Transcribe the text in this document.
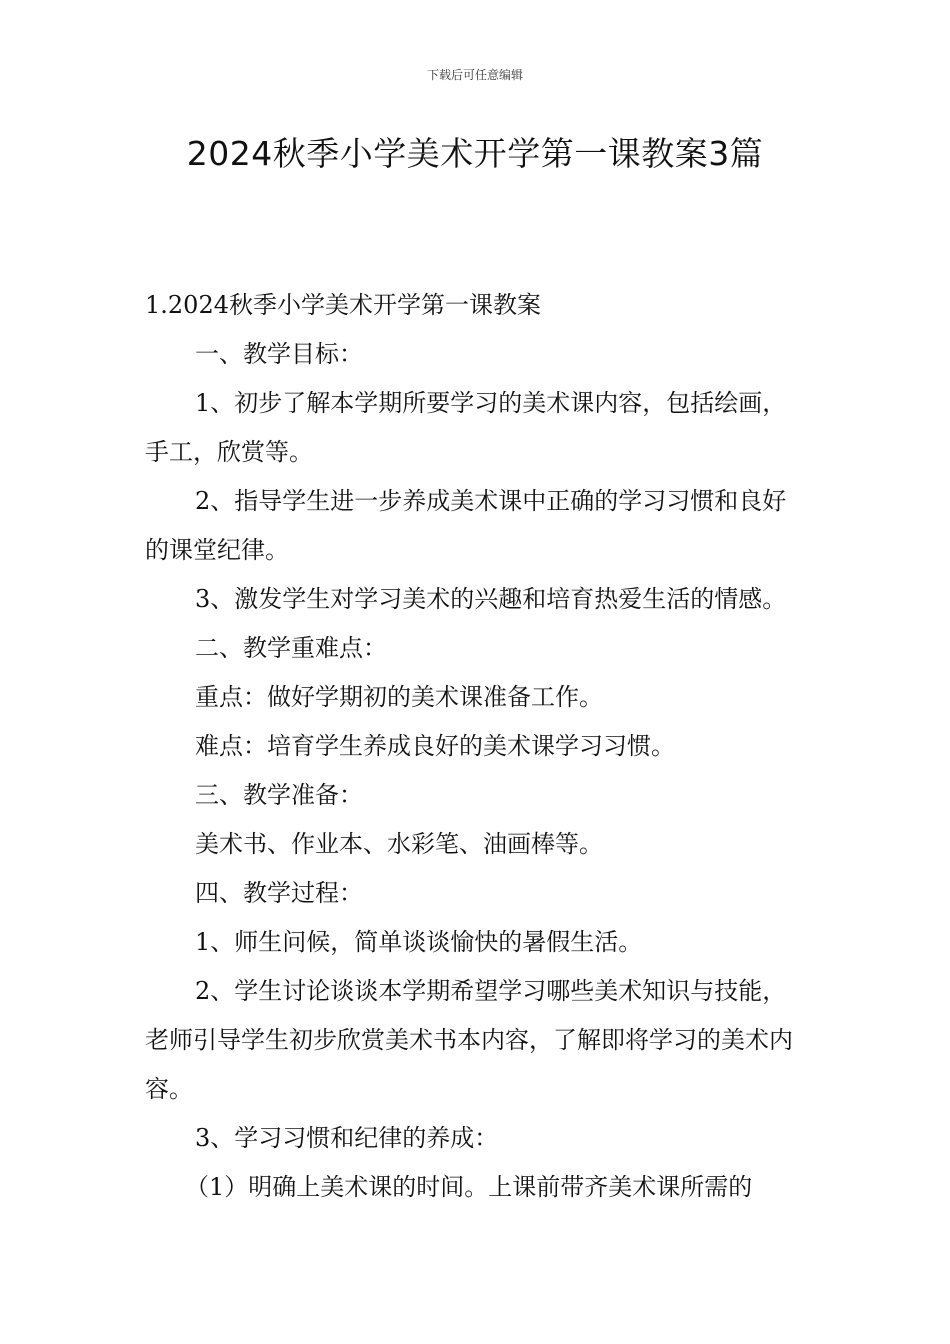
下载后可任意编辑
2024秋季小学美术开学第一课教案3篇

1.2024秋季小学美术开学第一课教案

一、教学目标：

1、初步了解本学期所要学习的美术课内容，包括绘画，手工，欣赏等。

2、指导学生进一步养成美术课中正确的学习习惯和良好的课堂纪律。

3、激发学生对学习美术的兴趣和培育热爱生活的情感。

二、教学重难点：

重点：做好学期初的美术课准备工作。

难点：培育学生养成良好的美术课学习习惯。

三、教学准备：

美术书、作业本、水彩笔、油画棒等。

四、教学过程：

1、师生问候，简单谈谈愉快的暑假生活。

2、学生讨论谈谈本学期希望学习哪些美术知识与技能，老师引导学生初步欣赏美术书本内容，了解即将学习的美术内容。

3、学习习惯和纪律的养成：

（1）明确上美术课的时间。上课前带齐美术课所需的
